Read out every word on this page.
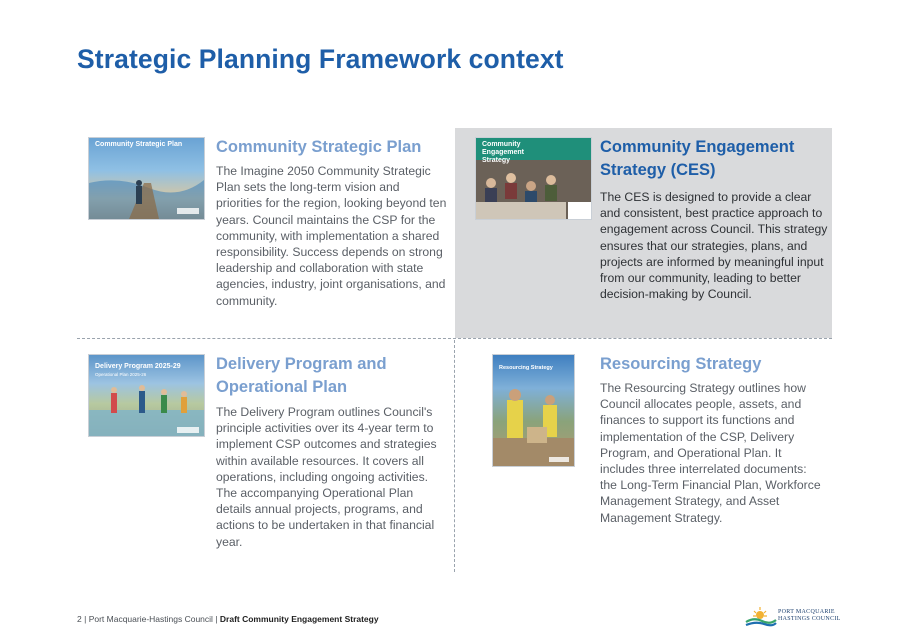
Strategic Planning Framework context
Community Strategic Plan Community Strategic Plan
The Imagine 2050 Community Strategic Plan sets the long-term vision and priorities for the region, looking beyond ten years. Council maintains the CSP for the community, with implementation a shared responsibility. Success depends on strong leadership and collaboration with state agencies, industry, joint organisations, and community.
Community Engagement Strategy
Community Engagement Strategy (CES)
The CES is designed to provide a clear and consistent, best practice approach to engagement across Council. This strategy ensures that our strategies, plans, and projects are informed by meaningful input from our community, leading to better decision-making by Council.
Delivery Program 2025-29
Operational Plan 2025-26
Delivery Program and Operational Plan
The Delivery Program outlines Council's principle activities over its 4-year term to implement CSP outcomes and strategies within available resources. It covers all operations, including ongoing activities. The accompanying Operational Plan details annual projects, programs, and actions to be undertaken in that financial year.
Resourcing Strategy	Resourcing Strategy
The Resourcing Strategy outlines how Council allocates people, assets, and finances to support its functions and implementation of the CSP, Delivery Program, and Operational Plan. It includes three interrelated documents: the Long-Term Financial Plan, Workforce Management Strategy, and Asset Management Strategy.
2 | Port Macquarie-Hastings Council | Draft Community Engagement Strategy
PORT MACQUARIE
HASTINGS COUNCIL
